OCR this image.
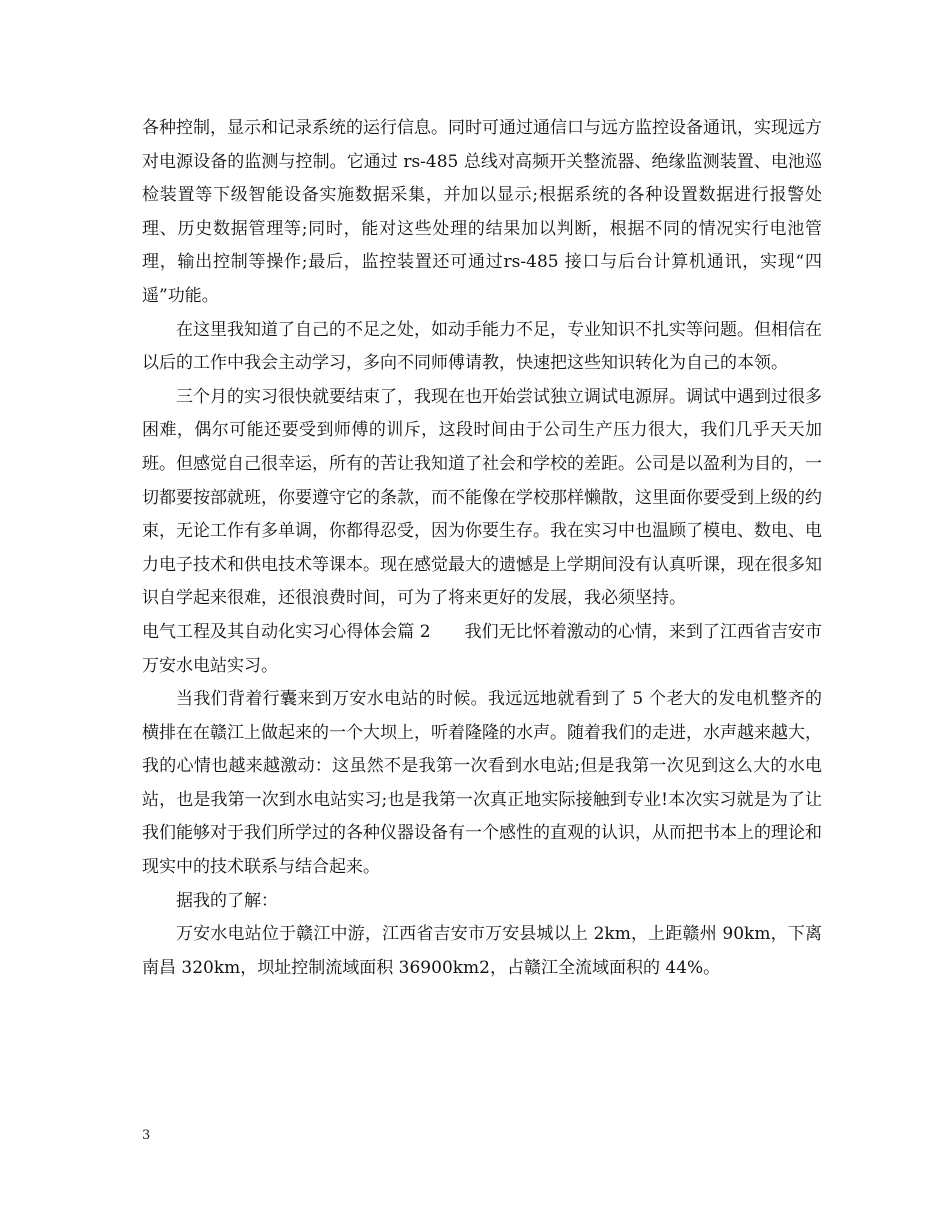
各种控制，显示和记录系统的运行信息。同时可通过通信口与远方监控设备通讯，实现远方对电源设备的监测与控制。它通过 rs-485 总线对高频开关整流器、绝缘监测装置、电池巡检装置等下级智能设备实施数据采集，并加以显示;根据系统的各种设置数据进行报警处理、历史数据管理等;同时，能对这些处理的结果加以判断，根据不同的情况实行电池管理，输出控制等操作;最后，监控装置还可通过rs-485 接口与后台计算机通讯，实现“四遥”功能。

在这里我知道了自己的不足之处，如动手能力不足，专业知识不扎实等问题。但相信在以后的工作中我会主动学习，多向不同师傅请教，快速把这些知识转化为自己的本领。

三个月的实习很快就要结束了，我现在也开始尝试独立调试电源屏。调试中遇到过很多困难，偶尔可能还要受到师傅的训斥，这段时间由于公司生产压力很大，我们几乎天天加班。但感觉自己很幸运，所有的苦让我知道了社会和学校的差距。公司是以盈利为目的，一切都要按部就班，你要遵守它的条款，而不能像在学校那样懒散，这里面你要受到上级的约束，无论工作有多单调，你都得忍受，因为你要生存。我在实习中也温顾了模电、数电、电力电子技术和供电技术等课本。现在感觉最大的遗憾是上学期间没有认真听课，现在很多知识自学起来很难，还很浪费时间，可为了将来更好的发展，我必须坚持。

电气工程及其自动化实习心得体会篇 2　　我们无比怀着激动的心情，来到了江西省吉安市万安水电站实习。

当我们背着行囊来到万安水电站的时候。我远远地就看到了 5 个老大的发电机整齐的横排在在赣江上做起来的一个大坝上，听着隆隆的水声。随着我们的走进，水声越来越大，我的心情也越来越激动：这虽然不是我第一次看到水电站;但是我第一次见到这么大的水电站，也是我第一次到水电站实习;也是我第一次真正地实际接触到专业!本次实习就是为了让我们能够对于我们所学过的各种仪器设备有一个感性的直观的认识，从而把书本上的理论和现实中的技术联系与结合起来。

据我的了解：

万安水电站位于赣江中游，江西省吉安市万安县城以上 2km，上距赣州 90km，下离南昌 320km，坝址控制流域面积 36900km2，占赣江全流域面积的 44%。

3
